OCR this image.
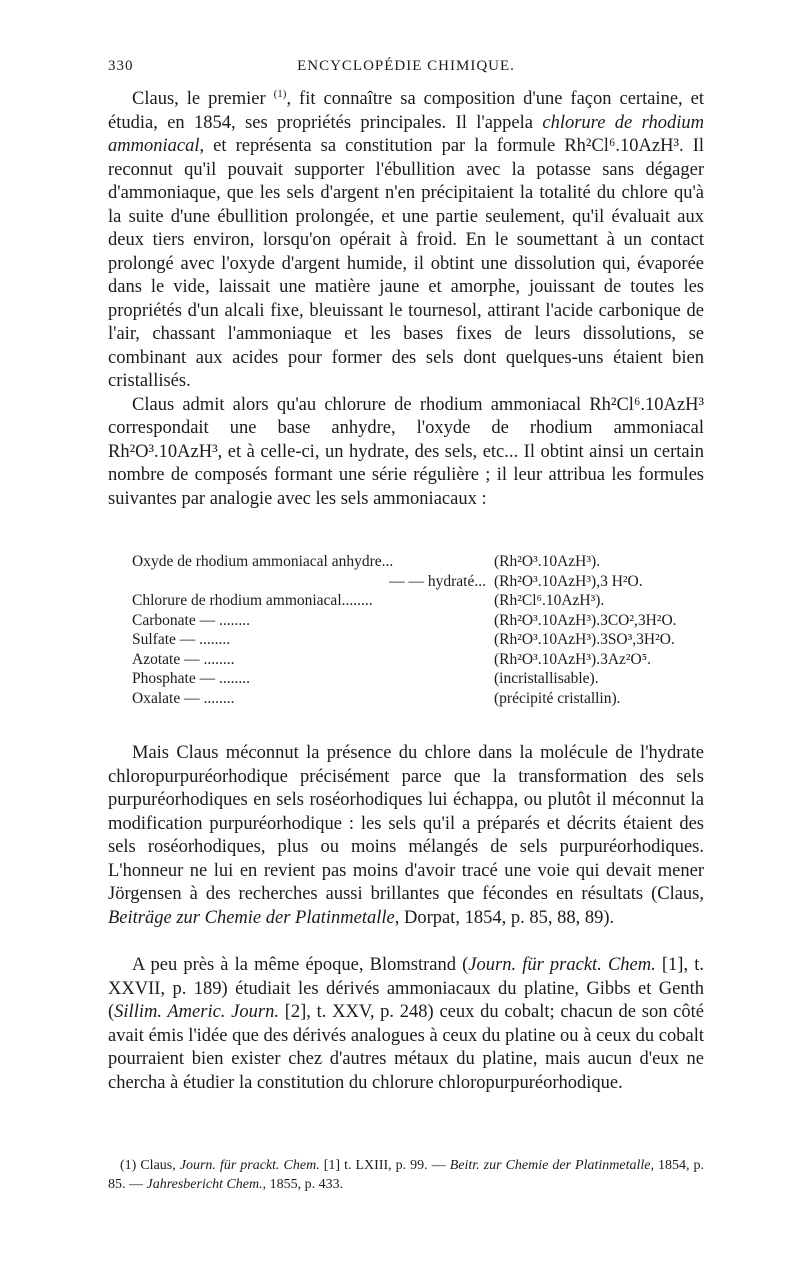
330	ENCYCLOPÉDIE CHIMIQUE.

Claus, le premier $^{(1)}$, fit connaître sa composition d'une façon certaine, et étudia, en 1854, ses propriétés principales. Il l'appela chlorure de rhodium ammoniacal, et représenta sa constitution par la formule Rh²Cl⁶.10AzH³. Il reconnut qu'il pouvait supporter l'ébullition avec la potasse sans dégager d'ammoniaque, que les sels d'argent n'en précipitaient la totalité du chlore qu'à la suite d'une ébullition prolongée, et une partie seulement, qu'il évaluait aux deux tiers environ, lorsqu'on opérait à froid. En le soumettant à un contact prolongé avec l'oxyde d'argent humide, il obtint une dissolution qui, évaporée dans le vide, laissait une matière jaune et amorphe, jouissant de toutes les propriétés d'un alcali fixe, bleuissant le tournesol, attirant l'acide carbonique de l'air, chassant l'ammoniaque et les bases fixes de leurs dissolutions, se combinant aux acides pour former des sels dont quelques-uns étaient bien cristallisés.

Claus admit alors qu'au chlorure de rhodium ammoniacal Rh²Cl⁶.10AzH³ correspondait une base anhydre, l'oxyde de rhodium ammoniacal Rh²O³.10AzH³, et à celle-ci, un hydrate, des sels, etc... Il obtint ainsi un certain nombre de composés formant une série régulière ; il leur attribua les formules suivantes par analogie avec les sels ammoniacaux :

Oxyde de rhodium ammoniacal anhydre...	(Rh²O³.10AzH³).
— — hydraté... (Rh²O³.10AzH³),3 H²O.
Chlorure de rhodium ammoniacal........	(Rh²Cl⁶.10AzH³).
Carbonate — ........	(Rh²O³.10AzH³).3CO²,3H²O.
Sulfate — ........	(Rh²O³.10AzH³).3SO³,3H²O.
Azotate — ........	(Rh²O³.10AzH³).3Az²O⁵.
Phosphate — ........	(incristallisable).
Oxalate — ........	(précipité cristallin).

Mais Claus méconnut la présence du chlore dans la molécule de l'hydrate chloropurpuréorhodique précisément parce que la transformation des sels purpuréorhodiques en sels roséorhodiques lui échappa, ou plutôt il méconnut la modification purpuréorhodique : les sels qu'il a préparés et décrits étaient des sels roséorhodiques, plus ou moins mélangés de sels purpuréorhodiques. L'honneur ne lui en revient pas moins d'avoir tracé une voie qui devait mener Jörgensen à des recherches aussi brillantes que fécondes en résultats (Claus, Beiträge zur Chemie der Platinmetalle, Dorpat, 1854, p. 85, 88, 89).

A peu près à la même époque, Blomstrand (Journ. für prackt. Chem. [1], t. XXVII, p. 189) étudiait les dérivés ammoniacaux du platine, Gibbs et Genth (Sillim. Americ. Journ. [2], t. XXV, p. 248) ceux du cobalt; chacun de son côté avait émis l'idée que des dérivés analogues à ceux du platine ou à ceux du cobalt pourraient bien exister chez d'autres métaux du platine, mais aucun d'eux ne chercha à étudier la constitution du chlorure chloropurpuréorhodique.

(1) Claus, Journ. für prackt. Chem. [1] t. LXIII, p. 99. — Beitr. zur Chemie der Platinmetalle, 1854, p. 85. — Jahresbericht Chem., 1855, p. 433.
